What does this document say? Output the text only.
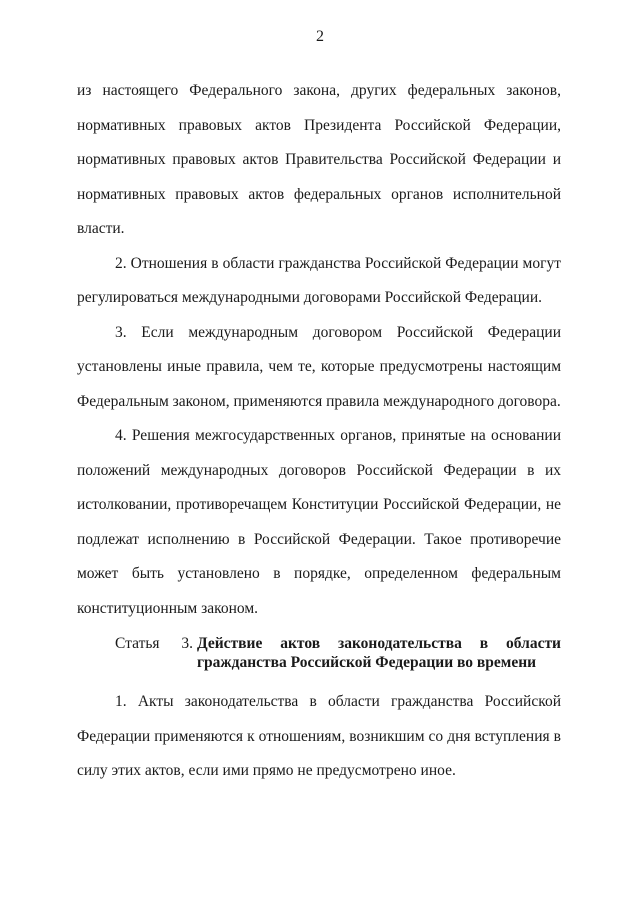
2

из настоящего Федерального закона, других федеральных законов, нормативных правовых актов Президента Российской Федерации, нормативных правовых актов Правительства Российской Федерации и нормативных правовых актов федеральных органов исполнительной власти.

2. Отношения в области гражданства Российской Федерации могут регулироваться международными договорами Российской Федерации.

3. Если международным договором Российской Федерации установлены иные правила, чем те, которые предусмотрены настоящим Федеральным законом, применяются правила международного договора.

4. Решения межгосударственных органов, принятые на основании положений международных договоров Российской Федерации в их истолковании, противоречащем Конституции Российской Федерации, не подлежат исполнению в Российской Федерации. Такое противоречие может быть установлено в порядке, определенном федеральным конституционным законом.

Статья 3. Действие актов законодательства в области
гражданства Российской Федерации во времени

1. Акты законодательства в области гражданства Российской Федерации применяются к отношениям, возникшим со дня вступления в силу этих актов, если ими прямо не предусмотрено иное.
